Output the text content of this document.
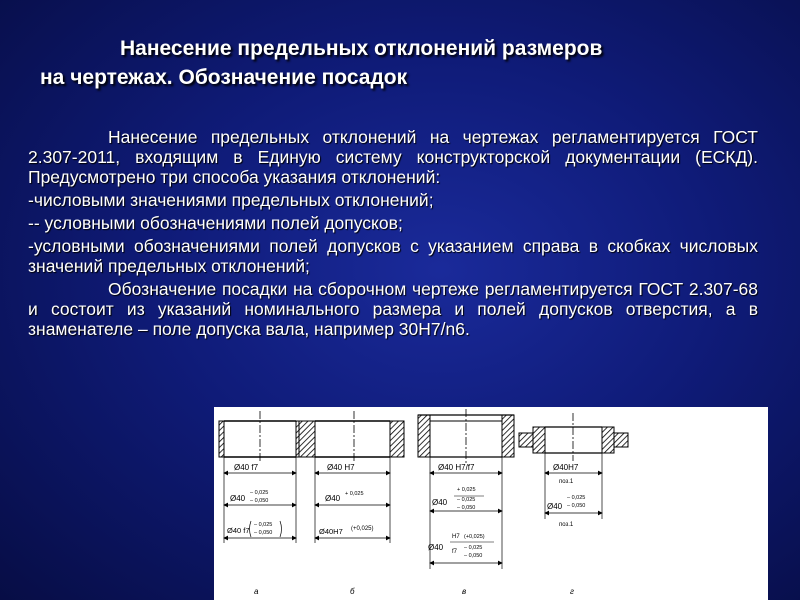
Нанесение предельных отклонений размеров
на чертежах. Обозначение посадок

Нанесение предельных отклонений на чертежах регламентируется ГОСТ 2.307-2011, входящим в Единую систему конструкторской документации (ЕСКД). Предусмотрено три способа указания отклонений:

-числовыми значениями предельных отклонений;

-- условными обозначениями полей допусков;

-условными обозначениями полей допусков с указанием справа в скобках числовых значений предельных отклонений;

Обозначение посадки на сборочном чертеже регламентируется ГОСТ 2.307-68 и состоит из указаний номинального размера и полей допусков отверстия, а в знаменателе – поле допуска вала, например 30Н7/n6.

Ø40 f7
Ø40
– 0,025
– 0,050
Ø40 f7
– 0,025
– 0,050
а
Ø40 H7
Ø40 + 0,025
Ø40H7 (+0,025)
б
Ø40 H7/f7
Ø40
+ 0,025
– 0,025
– 0,050
Ø40
H7 (+0,025)
f7
– 0,025
– 0,050
в
Ø40H7
поз.1
Ø40
– 0,025
– 0,050
поз.1
г
